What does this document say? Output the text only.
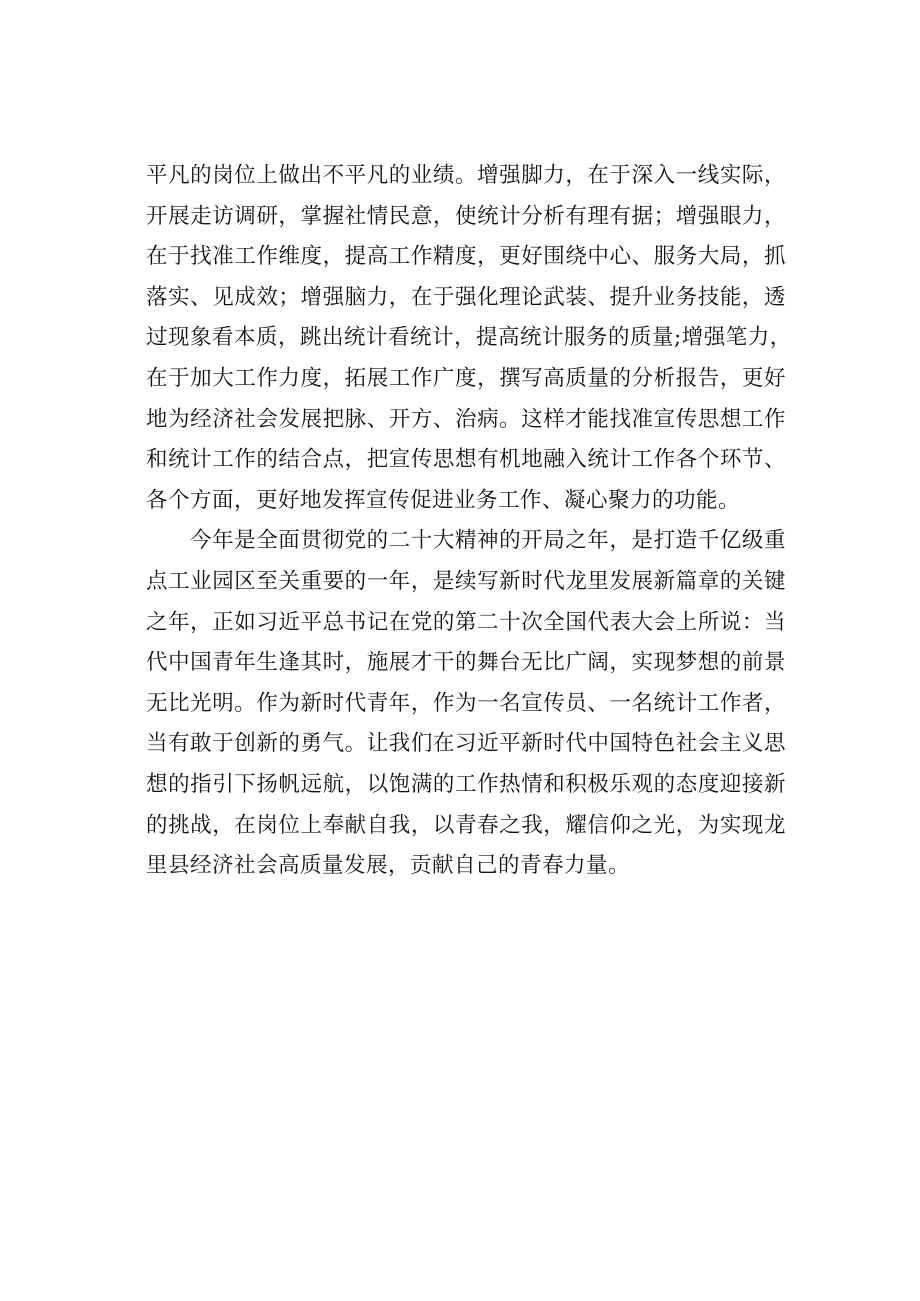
平凡的岗位上做出不平凡的业绩。增强脚力，在于深入一线实际，
开展走访调研，掌握社情民意，使统计分析有理有据；增强眼力，
在于找准工作维度，提高工作精度，更好围绕中心、服务大局，抓
落实、见成效；增强脑力，在于强化理论武装、提升业务技能，透
过现象看本质，跳出统计看统计，提高统计服务的质量;增强笔力，
在于加大工作力度，拓展工作广度，撰写高质量的分析报告，更好
地为经济社会发展把脉、开方、治病。这样才能找准宣传思想工作
和统计工作的结合点，把宣传思想有机地融入统计工作各个环节、
各个方面，更好地发挥宣传促进业务工作、凝心聚力的功能。
今年是全面贯彻党的二十大精神的开局之年，是打造千亿级重
点工业园区至关重要的一年，是续写新时代龙里发展新篇章的关键
之年，正如习近平总书记在党的第二十次全国代表大会上所说：当
代中国青年生逢其时，施展才干的舞台无比广阔，实现梦想的前景
无比光明。作为新时代青年，作为一名宣传员、一名统计工作者，
当有敢于创新的勇气。让我们在习近平新时代中国特色社会主义思
想的指引下扬帆远航，以饱满的工作热情和积极乐观的态度迎接新
的挑战，在岗位上奉献自我，以青春之我，耀信仰之光，为实现龙
里县经济社会高质量发展，贡献自己的青春力量。
